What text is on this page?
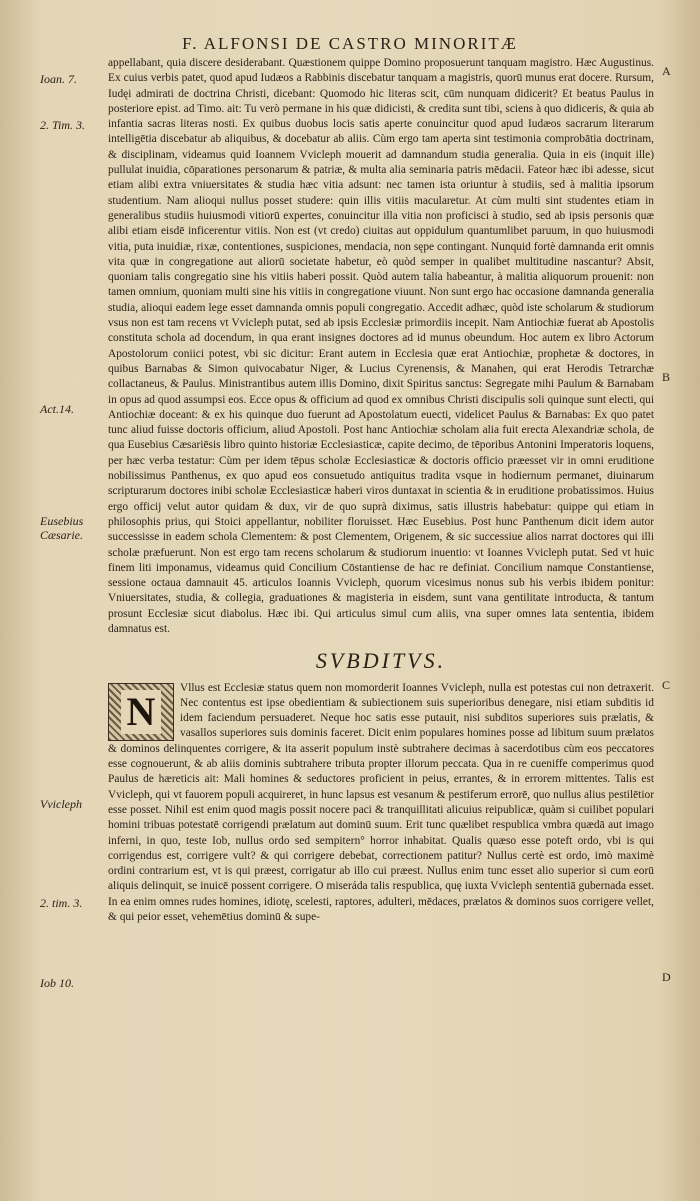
F. ALFONSI DE CASTRO MINORITÆ
Ioan. 7.
2. Tim. 3.
Act.14.
Eusebius
Cæsarie.
Vvicleph
2. tim. 3.
Iob 10.
A
B
C
D

appellabant, quia discere desiderabant. Quæstionem quippe Domino proposuerunt tanquam magistro. Hæc Augustinus. Ex cuius verbis patet, quod apud Iudæos a Rabbinis discebatur tanquam a magistris, quorū munus erat docere. Rursum, Iudęi admirati de doctrina Christi, dicebant: Quomodo hic literas scit, cūm nunquam didicerit? Et beatus Paulus in posteriore epist. ad Timo. ait: Tu verò permane in his quæ didicisti, & credita sunt tibi, sciens à quo didiceris, & quia ab infantia sacras literas nosti. Ex quibus duobus locis satis aperte conuincitur quod apud Iudæos sacrarum literarum intelligētia discebatur ab aliquibus, & docebatur ab aliis. Cùm ergo tam aperta sint testimonia comprobātia doctrinam, & disciplinam, videamus quid Ioannem Vvicleph mouerit ad damnandum studia generalia. Quia in eis (inquit ille) pullulat inuidia, cōparationes personarum & patriæ, & multa alia seminaria patris mēdacii. Fateor hæc ibi adesse, sicut etiam alibi extra vniuersitates & studia hæc vitia adsunt: nec tamen ista oriuntur à studiis, sed à malitia ipsorum studentium. Nam alioqui nullus posset studere: quin illis vitiis macularetur. At cùm multi sint studentes etiam in generalibus studiis huiusmodi vitiorū expertes, conuincitur illa vitia non proficisci à studio, sed ab ipsis personis quæ alibi etiam eisdē inficerentur vitiis. Non est (vt credo) ciuitas aut oppidulum quantumlibet paruum, in quo huiusmodi vitia, puta inuidiæ, rixæ, contentiones, suspiciones, mendacia, non sępe contingant. Nunquid fortè damnanda erit omnis vita quæ in congregatione aut aliorū societate habetur, eò quòd semper in qualibet multitudine nascantur? Absit, quoniam talis congregatio sine his vitiis haberi possit. Quòd autem talia habeantur, à malitia aliquorum prouenit: non tamen omnium, quoniam multi sine his vitiis in congregatione viuunt. Non sunt ergo hac occasione damnanda generalia studia, alioqui eadem lege esset damnanda omnis populi congregatio. Accedit adhæc, quòd iste scholarum & studiorum vsus non est tam recens vt Vvicleph putat, sed ab ipsis Ecclesiæ primordiis incepit. Nam Antiochiæ fuerat ab Apostolis constituta schola ad docendum, in qua erant insignes doctores ad id munus obeundum. Hoc autem ex libro Actorum Apostolorum coniici potest, vbi sic dicitur: Erant autem in Ecclesia quæ erat Antiochiæ, prophetæ & doctores, in quibus Barnabas & Simon quivocabatur Niger, & Lucius Cyrenensis, & Manahen, qui erat Herodis Tetrarchæ collactaneus, & Paulus. Ministrantibus autem illis Domino, dixit Spiritus sanctus: Segregate mihi Paulum & Barnabam in opus ad quod assumpsi eos. Ecce opus & officium ad quod ex omnibus Christi discipulis soli quinque sunt electi, qui Antiochiæ doceant: & ex his quinque duo fuerunt ad Apostolatum euecti, videlicet Paulus & Barnabas: Ex quo patet tunc aliud fuisse doctoris officium, aliud Apostoli. Post hanc Antiochiæ scholam alia fuit erecta Alexandriæ schola, de qua Eusebius Cæsariēsis libro quinto historiæ Ecclesiasticæ, capite decimo, de tēporibus Antonini Imperatoris loquens, per hæc verba testatur: Cùm per idem tēpus scholæ Ecclesiasticæ & doctoris officio præesset vir in omni eruditione nobilissimus Panthenus, ex quo apud eos consuetudo antiquitus tradita vsque in hodiernum permanet, diuinarum scripturarum doctores inibi scholæ Ecclesiasticæ haberi viros duntaxat in scientia & in eruditione probatissimos. Huius ergo officij velut autor quidam & dux, vir de quo suprà diximus, satis illustris habebatur: quippe qui etiam in philosophis prius, qui Stoici appellantur, nobiliter floruisset. Hæc Eusebius. Post hunc Panthenum dicit idem autor successisse in eadem schola Clementem: & post Clementem, Origenem, & sic successiue alios narrat doctores qui illi scholæ præfuerunt. Non est ergo tam recens scholarum & studiorum inuentio: vt Ioannes Vvicleph putat. Sed vt huic finem liti imponamus, videamus quid Concilium Cōstantiense de hac re definiat. Concilium namque Constantiense, sessione octaua damnauit 45. articulos Ioannis Vvicleph, quorum vicesimus nonus sub his verbis ibidem ponitur: Vniuersitates, studia, & collegia, graduationes & magisteria in eisdem, sunt vana gentilitate introducta, & tantum prosunt Ecclesiæ sicut diabolus. Hæc ibi. Qui articulus simul cum aliis, vna super omnes lata sententia, ibidem damnatus est.

SVBDITVS.

N
Vllus est Ecclesiæ status quem non momorderit Ioannes Vvicleph, nulla est potestas cui non detraxerit. Nec contentus est ipse obedientiam & subiectionem suis superioribus denegare, nisi etiam subditis id idem faciendum persuaderet. Neque hoc satis esse putauit, nisi subditos superiores suis prælatis, & vasallos superiores suis dominis faceret. Dicit enim populares homines posse ad libitum suum prælatos & dominos delinquentes corrigere, & ita asserit populum instè subtrahere decimas à sacerdotibus cùm eos peccatores esse cognouerunt, & ab aliis dominis subtrahere tributa propter illorum peccata. Qua in re cueniffe comperimus quod Paulus de hæreticis ait: Mali homines & seductores proficient in peius, errantes, & in errorem mittentes. Talis est Vvicleph, qui vt fauorem populi acquireret, in hunc lapsus est vesanum & pestiferum errorē, quo nullus alius pestilētior esse posset. Nihil est enim quod magis possit nocere paci & tranquillitati alicuius reipublicæ, quàm si cuilibet populari homini tribuas potestatē corrigendi prælatum aut dominū suum. Erit tunc quælibet respublica vmbra quædā aut imago inferni, in quo, teste Iob, nullus ordo sed sempitern° horror inhabitat. Qualis quæso esse poteft ordo, vbi is qui corrigendus est, corrigere vult? & qui corrigere debebat, correctionem patitur? Nullus certè est ordo, imò maximè ordini contrarium est, vt is qui præest, corrigatur ab illo cui præest. Nullus enim tunc esset alio superior si cum eorū aliquis delinquit, se inuicē possent corrigere. O miseráda talis respublica, quę iuxta Vvicleph sententiā gubernada esset. In ea enim omnes rudes homines, idiotę, scelesti, raptores, adulteri, mēdaces, prælatos & dominos suos corrigere vellet, & qui peior esset, vehemētius dominū & supe-
